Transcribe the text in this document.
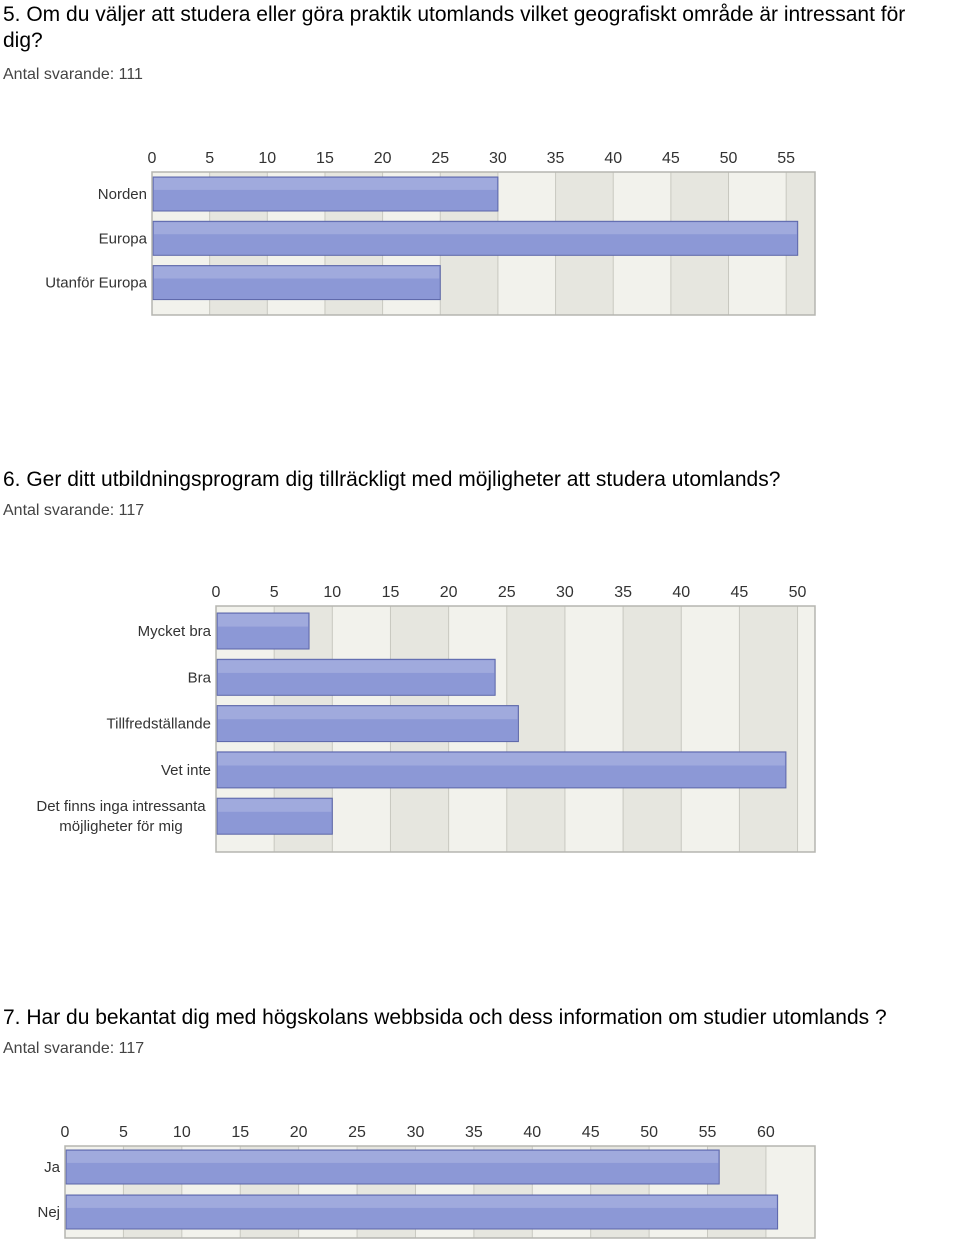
5. Om du väljer att studera eller göra praktik utomlands vilket geografiskt område är intressant för
dig?

Antal svarande: 111

0	5	10 15 20 25 30 35 40 45 50 55
Norden
Europa
Utanför Europa
6. Ger ditt utbildningsprogram dig tillräckligt med möjligheter att studera utomlands?

Antal svarande: 117

0	5	10	15	20	25	30	35	40	45	50
Mycket bra
Bra
Tillfredställande
Vet inte
Det finns inga intressanta
möjligheter för mig
7. Har du bekantat dig med högskolans webbsida och dess information om studier utomlands ?

Antal svarande: 117

0	5	10	15	20	25	30	35	40	45	50	55	60
Ja
Nej
